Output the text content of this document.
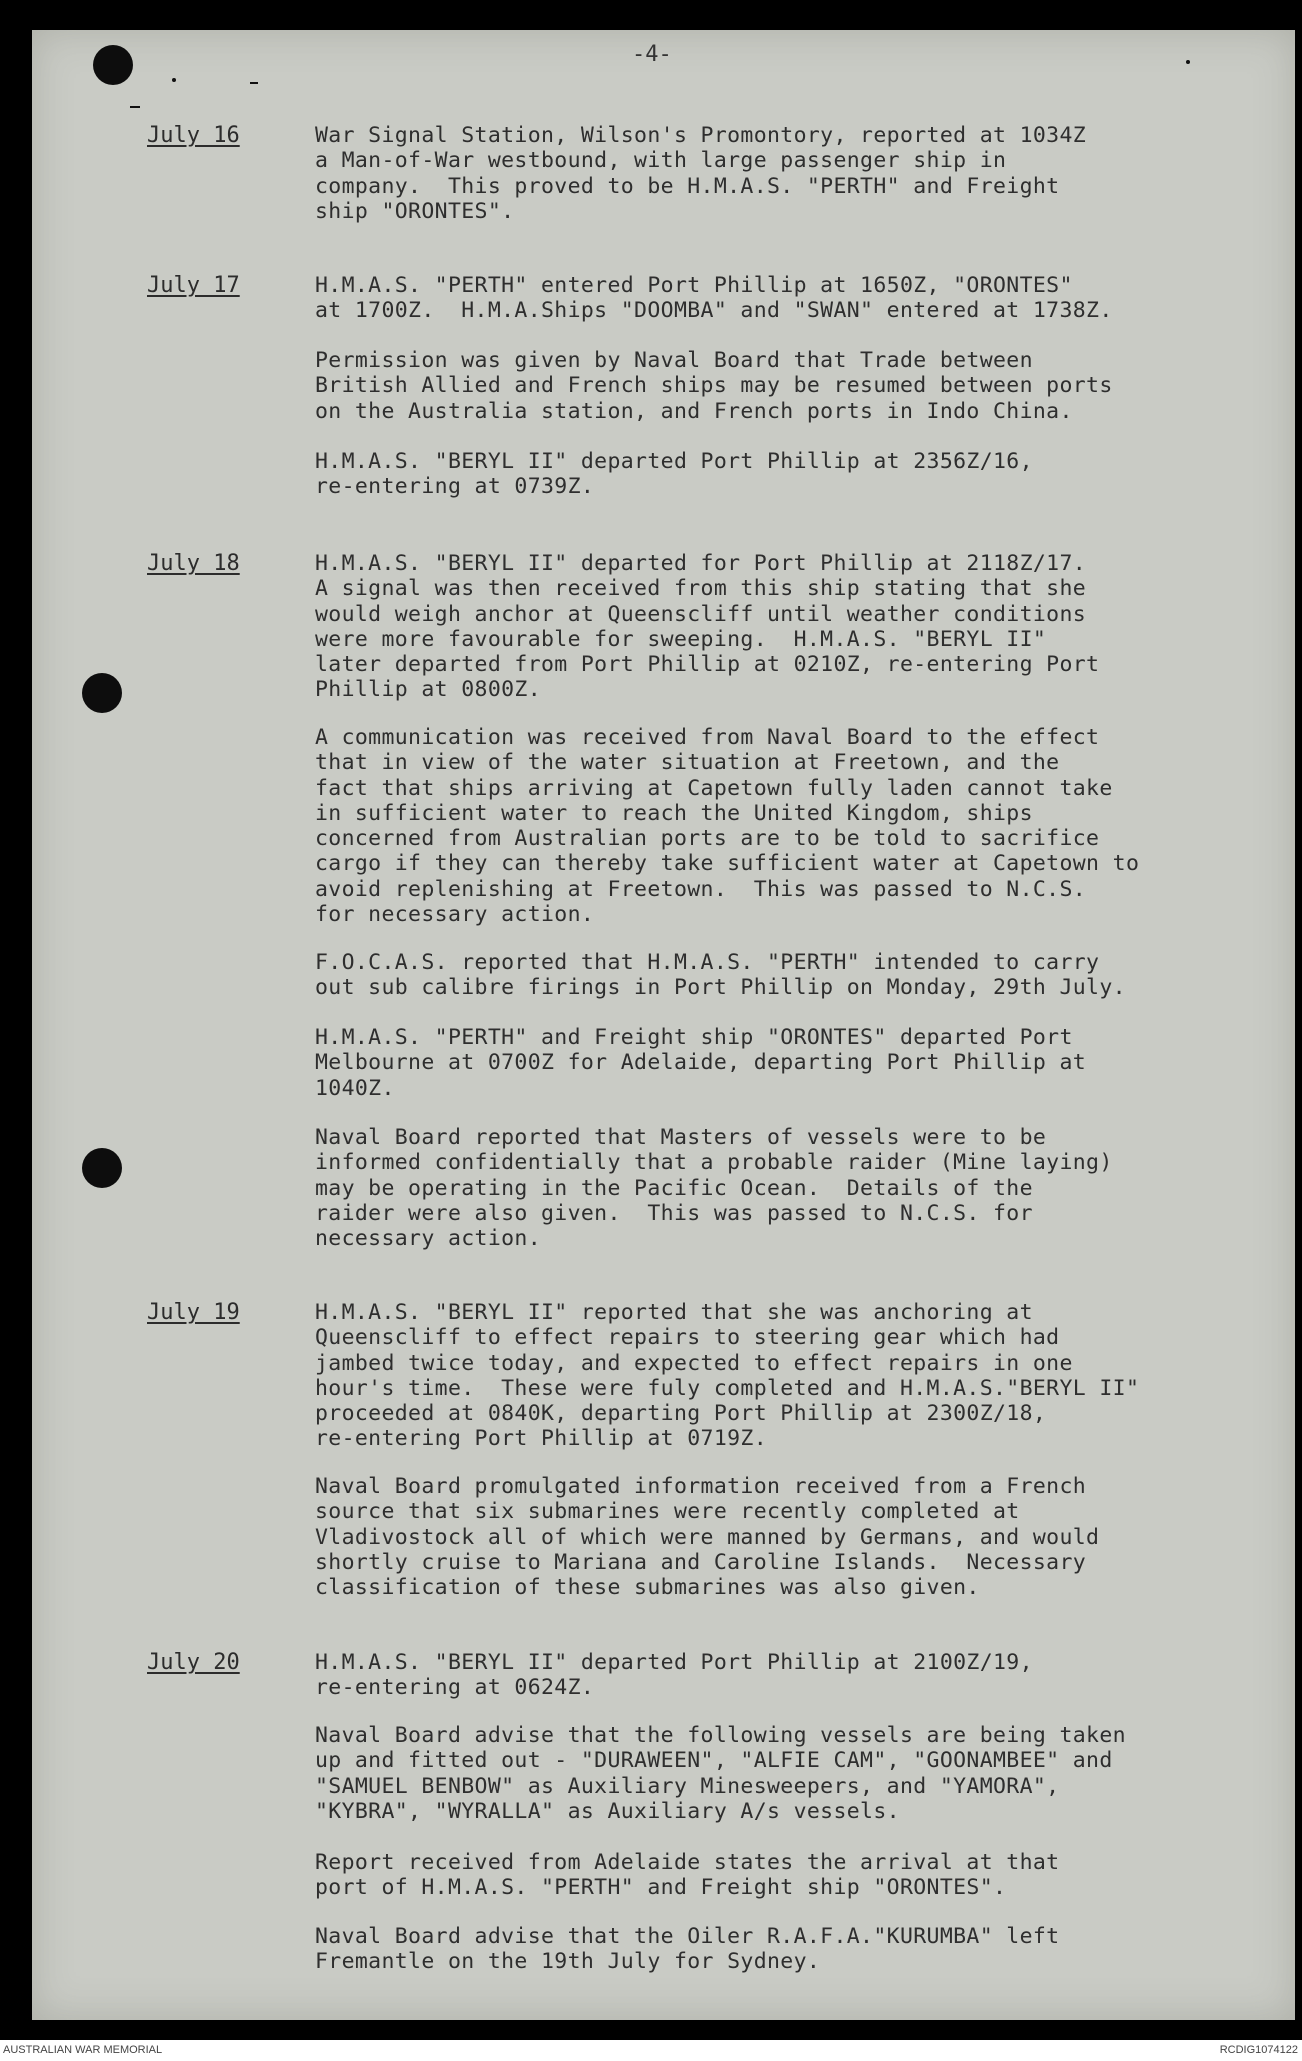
-4-
July 16	War Signal Station, Wilson's Promontory, reported at 1034Z
a Man-of-War westbound, with large passenger ship in
company.  This proved to be H.M.A.S. "PERTH" and Freight
ship "ORONTES".

July 17	H.M.A.S. "PERTH" entered Port Phillip at 1650Z, "ORONTES"
at 1700Z.  H.M.A.Ships "DOOMBA" and "SWAN" entered at 1738Z.

Permission was given by Naval Board that Trade between
British Allied and French ships may be resumed between ports
on the Australia station, and French ports in Indo China.

H.M.A.S. "BERYL II" departed Port Phillip at 2356Z/16,
re-entering at 0739Z.

July 18	H.M.A.S. "BERYL II" departed for Port Phillip at 2118Z/17.
A signal was then received from this ship stating that she
would weigh anchor at Queenscliff until weather conditions
were more favourable for sweeping.  H.M.A.S. "BERYL II"
later departed from Port Phillip at 0210Z, re-entering Port
Phillip at 0800Z.

A communication was received from Naval Board to the effect
that in view of the water situation at Freetown, and the
fact that ships arriving at Capetown fully laden cannot take
in sufficient water to reach the United Kingdom, ships
concerned from Australian ports are to be told to sacrifice
cargo if they can thereby take sufficient water at Capetown to
avoid replenishing at Freetown.  This was passed to N.C.S.
for necessary action.

F.O.C.A.S. reported that H.M.A.S. "PERTH" intended to carry
out sub calibre firings in Port Phillip on Monday, 29th July.

H.M.A.S. "PERTH" and Freight ship "ORONTES" departed Port
Melbourne at 0700Z for Adelaide, departing Port Phillip at
1040Z.

Naval Board reported that Masters of vessels were to be
informed confidentially that a probable raider (Mine laying)
may be operating in the Pacific Ocean.  Details of the
raider were also given.  This was passed to N.C.S. for
necessary action.

July 19	H.M.A.S. "BERYL II" reported that she was anchoring at
Queenscliff to effect repairs to steering gear which had
jambed twice today, and expected to effect repairs in one
hour's time.  These were fuly completed and H.M.A.S."BERYL II"
proceeded at 0840K, departing Port Phillip at 2300Z/18,
re-entering Port Phillip at 0719Z.

Naval Board promulgated information received from a French
source that six submarines were recently completed at
Vladivostock all of which were manned by Germans, and would
shortly cruise to Mariana and Caroline Islands.  Necessary
classification of these submarines was also given.

July 20	H.M.A.S. "BERYL II" departed Port Phillip at 2100Z/19,
re-entering at 0624Z.

Naval Board advise that the following vessels are being taken
up and fitted out - "DURAWEEN", "ALFIE CAM", "GOONAMBEE" and
"SAMUEL BENBOW" as Auxiliary Minesweepers, and "YAMORA",
"KYBRA", "WYRALLA" as Auxiliary A/s vessels.

Report received from Adelaide states the arrival at that
port of H.M.A.S. "PERTH" and Freight ship "ORONTES".

Naval Board advise that the Oiler R.A.F.A."KURUMBA" left
Fremantle on the 19th July for Sydney.

AUSTRALIAN WAR MEMORIAL	RCDIG1074122
